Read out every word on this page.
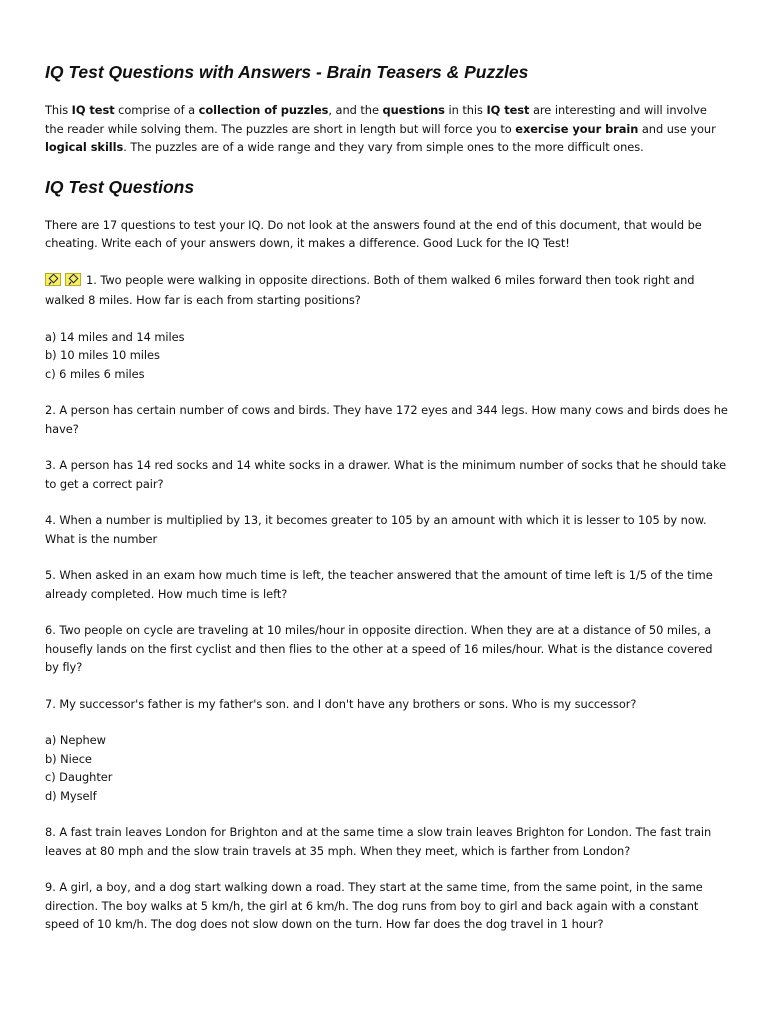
IQ Test Questions with Answers - Brain Teasers & Puzzles

This IQ test comprise of a collection of puzzles, and the questions in this IQ test are interesting and will involve the reader while solving them. The puzzles are short in length but will force you to exercise your brain and use your logical skills. The puzzles are of a wide range and they vary from simple ones to the more difficult ones.

IQ Test Questions

There are 17 questions to test your IQ. Do not look at the answers found at the end of this document, that would be cheating. Write each of your answers down, it makes a difference. Good Luck for the IQ Test!

1. Two people were walking in opposite directions. Both of them walked 6 miles forward then took right and walked 8 miles. How far is each from starting positions?

a) 14 miles and 14 miles
b) 10 miles 10 miles
c) 6 miles 6 miles

2. A person has certain number of cows and birds. They have 172 eyes and 344 legs. How many cows and birds does he have?

3. A person has 14 red socks and 14 white socks in a drawer. What is the minimum number of socks that he should take to get a correct pair?

4. When a number is multiplied by 13, it becomes greater to 105 by an amount with which it is lesser to 105 by now. What is the number

5. When asked in an exam how much time is left, the teacher answered that the amount of time left is 1/5 of the time already completed. How much time is left?

6. Two people on cycle are traveling at 10 miles/hour in opposite direction. When they are at a distance of 50 miles, a housefly lands on the first cyclist and then flies to the other at a speed of 16 miles/hour. What is the distance covered by fly?

7. My successor's father is my father's son. and I don't have any brothers or sons. Who is my successor?

a) Nephew
b) Niece
c) Daughter
d) Myself

8. A fast train leaves London for Brighton and at the same time a slow train leaves Brighton for London. The fast train leaves at 80 mph and the slow train travels at 35 mph. When they meet, which is farther from London?

9. A girl, a boy, and a dog start walking down a road. They start at the same time, from the same point, in the same direction. The boy walks at 5 km/h, the girl at 6 km/h. The dog runs from boy to girl and back again with a constant speed of 10 km/h. The dog does not slow down on the turn. How far does the dog travel in 1 hour?
